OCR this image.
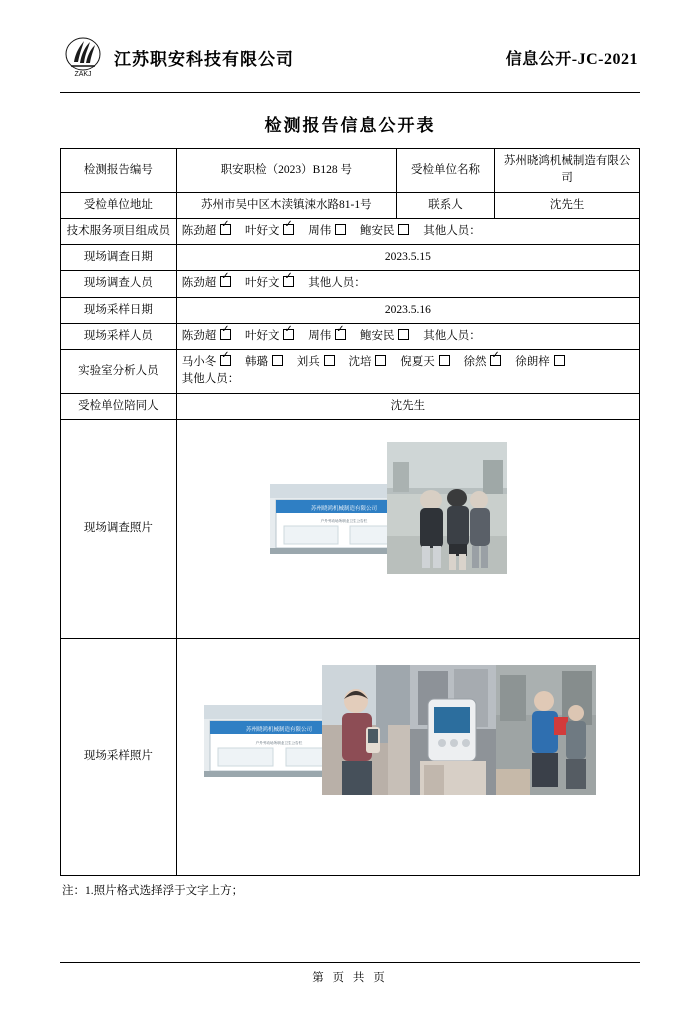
ZAKJ
江苏职安科技有限公司	信息公开-JC-2021
检测报告信息公开表
检测报告编号	职安职检（2023）B128 号	受检单位名称	苏州晓鸿机械制造有限公司
受检单位地址	苏州市吴中区木渎镇涑水路81-1号	联系人	沈先生
技术服务项目组成员	陈劲超 ✓ 叶好文 ✓ 周伟 鲍安民 其他人员：
现场调查日期	2023.5.15		
现场调查人员	陈劲超 ✓ 叶好文 ✓ 其他人员：
现场采样日期	2023.5.16		
现场采样人员	陈劲超 ✓ 叶好文 ✓ 周伟 ✓ 鲍安民 其他人员：
实验室分析人员	马小冬 ✓ 韩璐 刘兵 沈培 倪夏天 徐然 ✓ 徐朗梓
其他人员：

受检单位陪同人	沈先生		
现场调查照片	苏州晓鸿机械制造有限公司
户外劳动场所职业卫生公告栏		

现场采样照片	苏州晓鸿机械制造有限公司
户外劳动场所职业卫生公告栏		
注：1.照片格式选择浮于文字上方；
第 页 共 页
